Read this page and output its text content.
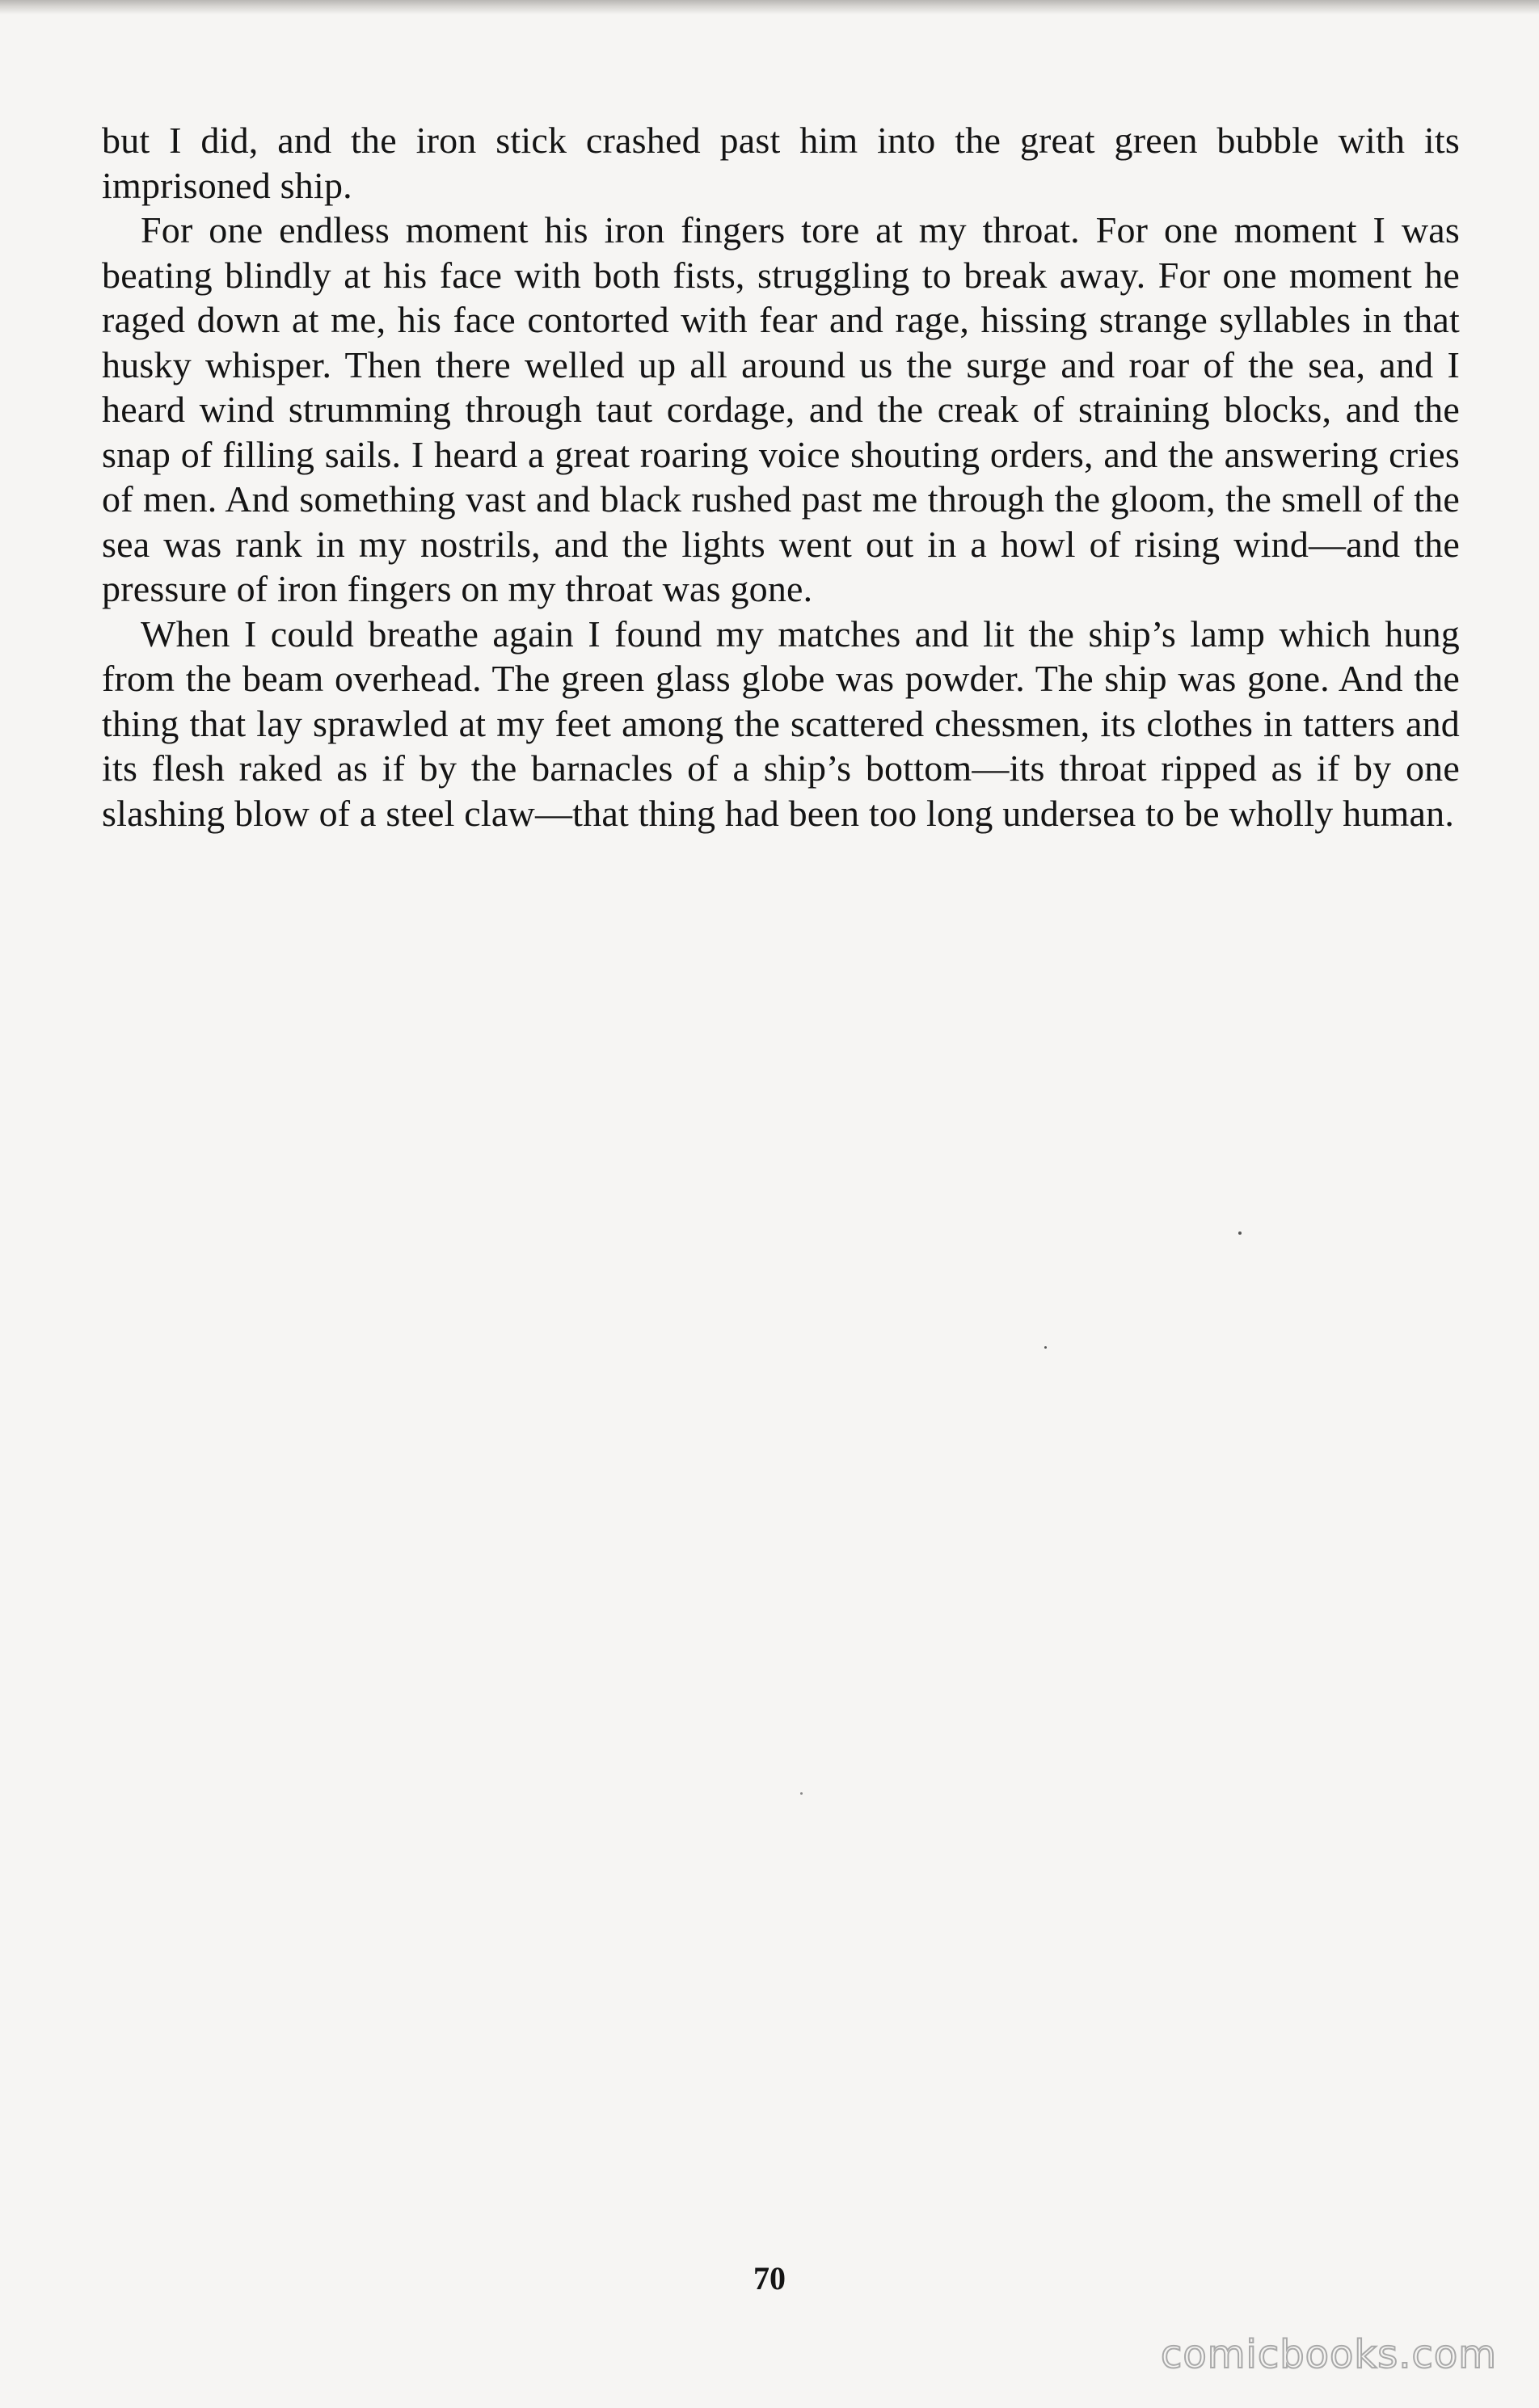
but I did, and the iron stick crashed past him into the great green bubble with its imprisoned ship.

For one endless moment his iron fingers tore at my throat. For one moment I was beating blindly at his face with both fists, struggling to break away. For one moment he raged down at me, his face contorted with fear and rage, hissing strange syllables in that husky whisper. Then there welled up all around us the surge and roar of the sea, and I heard wind strumming through taut cordage, and the creak of straining blocks, and the snap of filling sails. I heard a great roaring voice shouting orders, and the answering cries of men. And something vast and black rushed past me through the gloom, the smell of the sea was rank in my nostrils, and the lights went out in a howl of rising wind—and the pressure of iron fingers on my throat was gone.

When I could breathe again I found my matches and lit the ship’s lamp which hung from the beam overhead. The green glass globe was powder. The ship was gone. And the thing that lay sprawled at my feet among the scattered chessmen, its clothes in tatters and its flesh raked as if by the barnacles of a ship’s bottom—its throat ripped as if by one slashing blow of a steel claw—that thing had been too long undersea to be wholly human.

70
comicbooks.com
